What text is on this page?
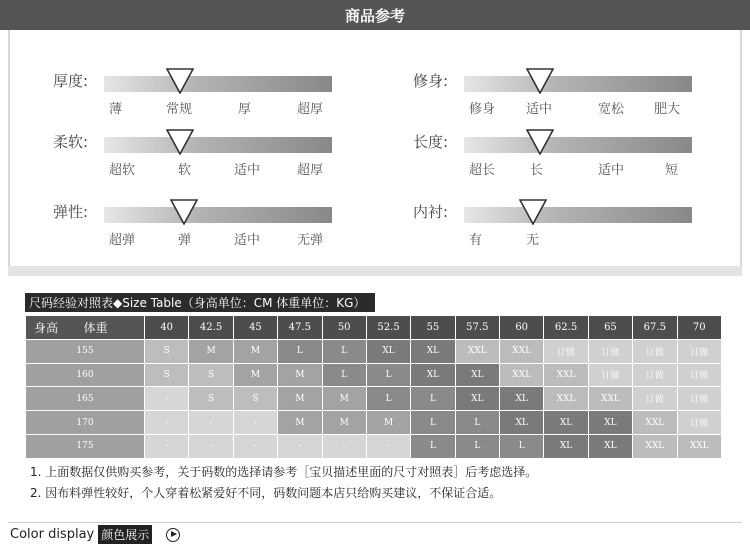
商品参考
厚度:
薄	常规	厚	超厚
柔软:
超软	软	适中	超厚
弹性:
超弹	弹	适中	无弹
修身:
修身 适中	宽松 肥大
长度:
超长	长	适中	短
内衬:
有	无
尺码经验对照表◆Size Table（身高单位：CM 体重单位：KG）
身高 体重	40	42.5	45	47.5	50	52.5	55	57.5	60	62.5	65	67.5	70
155	S	M	M	L	L	XL	XL	XXL	XXL	订做	订做	订做	订做
160	S	S	M	M	L	L	XL	XL	XXL	XXL	订做	订做	订做
165	-	S	S	M	M	L	L	XL	XL	XXL	XXL	订做	订做
170	-	-	-	M	M	M	L	L	XL	XL	XL	XXL	订做
175	-	-	-	-	-	-	L	L	L	XL	XL	XXL	XXL
1. 上面数据仅供购买参考，关于码数的选择请参考［宝贝描述里面的尺寸对照表］后考虑选择。
2. 因布料弹性较好，个人穿着松紧爱好不同，码数问题本店只给购买建议，不保证合适。
Color display 颜色展示
